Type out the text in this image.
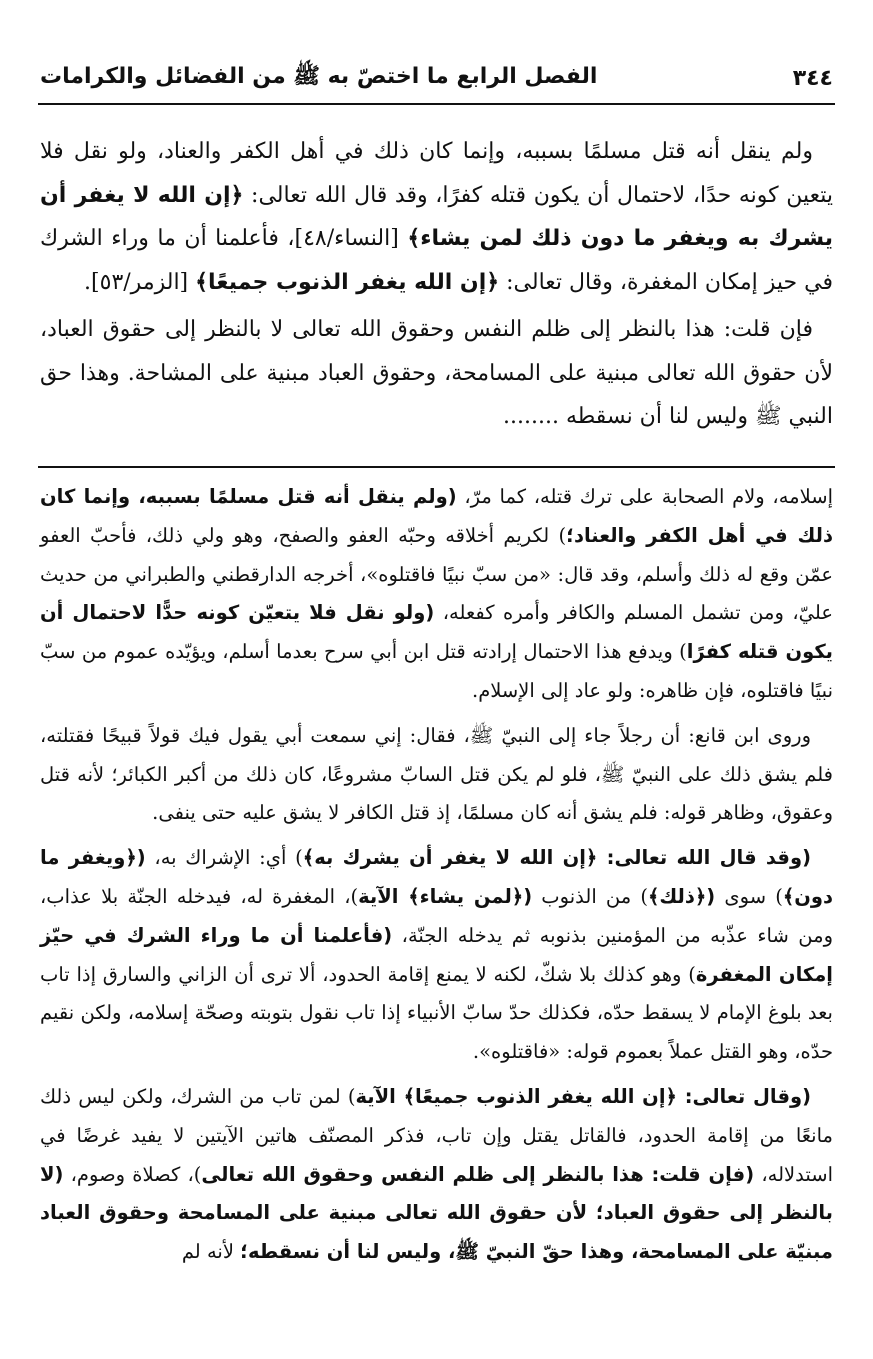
٣٤٤
الفصل الرابع ما اختصّ به ﷺ من الفضائل والكرامات

ولم ينقل أنه قتل مسلمًا بسببه، وإنما كان ذلك في أهل الكفر والعناد، ولو نقل فلا يتعين كونه حدًا، لاحتمال أن يكون قتله كفرًا، وقد قال الله تعالى: ﴿إن الله لا يغفر أن يشرك به ويغفر ما دون ذلك لمن يشاء﴾ [النساء/٤٨]، فأعلمنا أن ما وراء الشرك في حيز إمكان المغفرة، وقال تعالى: ﴿إن الله يغفر الذنوب جميعًا﴾ [الزمر/٥٣].

فإن قلت: هذا بالنظر إلى ظلم النفس وحقوق الله تعالى لا بالنظر إلى حقوق العباد، لأن حقوق الله تعالى مبنية على المسامحة، وحقوق العباد مبنية على المشاحة. وهذا حق النبي ﷺ وليس لنا أن نسقطه ........

إسلامه، ولام الصحابة على ترك قتله، كما مرّ، (ولم ينقل أنه قتل مسلمًا بسببه، وإنما كان ذلك في أهل الكفر والعناد؛) لكريم أخلاقه وحبّه العفو والصفح، وهو ولي ذلك، فأحبّ العفو عمّن وقع له ذلك وأسلم، وقد قال: «من سبّ نبيًا فاقتلوه»، أخرجه الدارقطني والطبراني من حديث عليّ، ومن تشمل المسلم والكافر وأمره كفعله، (ولو نقل فلا يتعيّن كونه حدًّا لاحتمال أن يكون قتله كفرًا) ويدفع هذا الاحتمال إرادته قتل ابن أبي سرح بعدما أسلم، ويؤيّده عموم من سبّ نبيًا فاقتلوه، فإن ظاهره: ولو عاد إلى الإسلام.

وروى ابن قانع: أن رجلاً جاء إلى النبيّ ﷺ، فقال: إني سمعت أبي يقول فيك قولاً قبيحًا فقتلته، فلم يشق ذلك على النبيّ ﷺ، فلو لم يكن قتل السابّ مشروعًا، كان ذلك من أكبر الكبائر؛ لأنه قتل وعقوق، وظاهر قوله: فلم يشق أنه كان مسلمًا، إذ قتل الكافر لا يشق عليه حتى ينفى.

(وقد قال الله تعالى: ﴿إن الله لا يغفر أن يشرك به﴾) أي: الإشراك به، (﴿ويغفر ما دون﴾) سوى (﴿ذلك﴾) من الذنوب (﴿لمن يشاء﴾ الآية)، المغفرة له، فيدخله الجنّة بلا عذاب، ومن شاء عذّبه من المؤمنين بذنوبه ثم يدخله الجنّة، (فأعلمنا أن ما وراء الشرك في حيّز إمكان المغفرة) وهو كذلك بلا شكّ، لكنه لا يمنع إقامة الحدود، ألا ترى أن الزاني والسارق إذا تاب بعد بلوغ الإمام لا يسقط حدّه، فكذلك حدّ سابّ الأنبياء إذا تاب نقول بتوبته وصحّة إسلامه، ولكن نقيم حدّه، وهو القتل عملاً بعموم قوله: «فاقتلوه».

(وقال تعالى: ﴿إن الله يغفر الذنوب جميعًا﴾ الآية) لمن تاب من الشرك، ولكن ليس ذلك مانعًا من إقامة الحدود، فالقاتل يقتل وإن تاب، فذكر المصنّف هاتين الآيتين لا يفيد غرضًا في استدلاله، (فإن قلت: هذا بالنظر إلى ظلم النفس وحقوق الله تعالى)، كصلاة وصوم، (لا بالنظر إلى حقوق العباد؛ لأن حقوق الله تعالى مبنية على المسامحة وحقوق العباد مبنيّة على المسامحة، وهذا حقّ النبيّ ﷺ، وليس لنا أن نسقطه؛ لأنه لم
